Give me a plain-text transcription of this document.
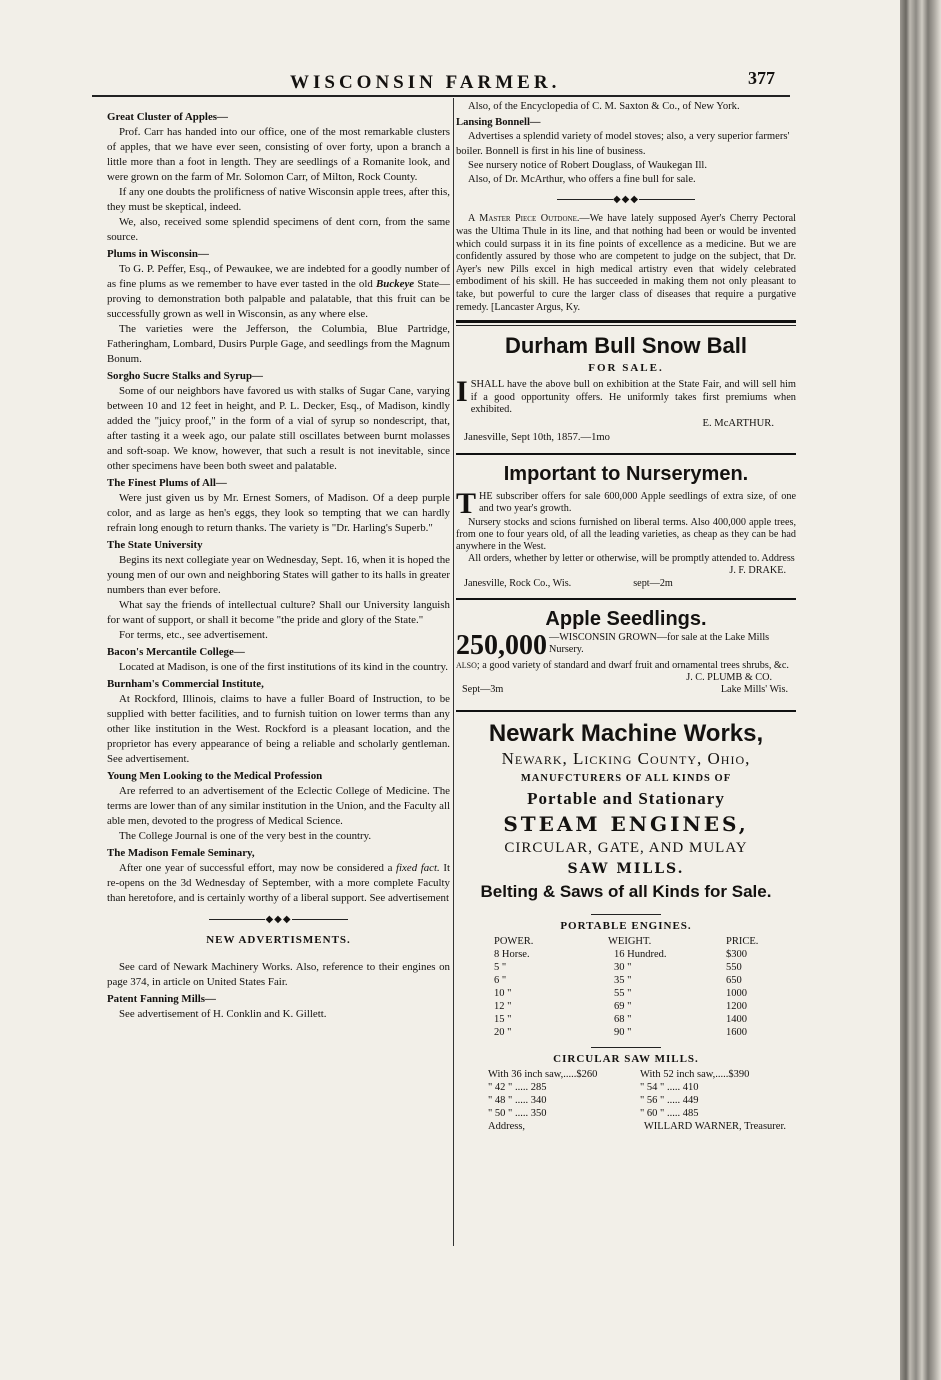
WISCONSIN FARMER.	377

Great Cluster of Apples—

Prof. Carr has handed into our office, one of the most remarkable clusters of apples, that we have ever seen, consisting of over forty, upon a branch a little more than a foot in length. They are seedlings of a Romanite look, and were grown on the farm of Mr. Solomon Carr, of Milton, Rock County.

If any one doubts the prolificness of native Wisconsin apple trees, after this, they must be skeptical, indeed.

We, also, received some splendid specimens of dent corn, from the same source.

Plums in Wisconsin—

To G. P. Peffer, Esq., of Pewaukee, we are indebted for a goodly number of as fine plums as we remember to have ever tasted in the old Buckeye State—proving to demonstration both palpable and palatable, that this fruit can be successfully grown as well in Wisconsin, as any where else.

The varieties were the Jefferson, the Columbia, Blue Partridge, Fatheringham, Lombard, Dusirs Purple Gage, and seedlings from the Magnum Bonum.

Sorgho Sucre Stalks and Syrup—

Some of our neighbors have favored us with stalks of Sugar Cane, varying between 10 and 12 feet in height, and P. L. Decker, Esq., of Madison, kindly added the "juicy proof," in the form of a vial of syrup so nondescript, that, after tasting it a week ago, our palate still oscillates between burnt molasses and soft-soap. We know, however, that such a result is not inevitable, since other specimens have been both sweet and palatable.

The Finest Plums of All—

Were just given us by Mr. Ernest Somers, of Madison. Of a deep purple color, and as large as hen's eggs, they look so tempting that we can hardly refrain long enough to return thanks. The variety is "Dr. Harling's Superb."

The State University

Begins its next collegiate year on Wednesday, Sept. 16, when it is hoped the young men of our own and neighboring States will gather to its halls in greater numbers than ever before.

What say the friends of intellectual culture? Shall our University languish for want of support, or shall it become "the pride and glory of the State."

For terms, etc., see advertisement.

Bacon's Mercantile College—

Located at Madison, is one of the first institutions of its kind in the country.

Burnham's Commercial Institute,

At Rockford, Illinois, claims to have a fuller Board of Instruction, to be supplied with better facilities, and to furnish tuition on lower terms than any other like institution in the West. Rockford is a pleasant location, and the proprietor has every appearance of being a reliable and scholarly gentleman. See advertisement.

Young Men Looking to the Medical Profession

Are referred to an advertisement of the Eclectic College of Medicine. The terms are lower than of any similar institution in the Union, and the Faculty all able men, devoted to the progress of Medical Science.

The College Journal is one of the very best in the country.

The Madison Female Seminary,

After one year of successful effort, may now be considered a fixed fact. It re-opens on the 3d Wednesday of September, with a more complete Faculty than heretofore, and is certainly worthy of a liberal support. See advertisement

◆◆◆
NEW ADVERTISMENTS.

See card of Newark Machinery Works. Also, reference to their engines on page 374, in article on United States Fair.

Patent Fanning Mills—

See advertisement of H. Conklin and K. Gillett.

Also, of the Encyclopedia of C. M. Saxton & Co., of New York.

Lansing Bonnell—

Advertises a splendid variety of model stoves; also, a very superior farmers' boiler. Bonnell is first in his line of business.

See nursery notice of Robert Douglass, of Waukegan Ill.

Also, of Dr. McArthur, who offers a fine bull for sale.

◆◆◆

A Master Piece Outdone.—We have lately supposed Ayer's Cherry Pectoral was the Ultima Thule in its line, and that nothing had been or would be invented which could surpass it in its fine points of excellence as a medicine. But we are confidently assured by those who are competent to judge on the subject, that Dr. Ayer's new Pills excel in high medical artistry even that widely celebrated embodiment of his skill. He has succeeded in making them not only pleasant to take, but powerful to cure the larger class of diseases that require a purgative remedy. [Lancaster Argus, Ky.

Durham Bull Snow Ball
FOR SALE.

ISHALL have the above bull on exhibition at the State Fair, and will sell him if a good opportunity offers. He uniformly takes first premiums when exhibited.

E. McARTHUR.

Janesville, Sept 10th, 1857.—1mo

Important to Nurserymen.

THE subscriber offers for sale 600,000 Apple seedlings of extra size, of one and two year's growth.

Nursery stocks and scions furnished on liberal terms. Also 400,000 apple trees, from one to four years old, of all the leading varieties, as cheap as they can be had anywhere in the West.

All orders, whether by letter or otherwise, will be promptly attended to. Address

J. F. DRAKE.

Janesville, Rock Co., Wis.	sept—2m

Apple Seedlings.
250,000 —WISCONSIN GROWN—for sale at the Lake Mills Nursery.

ALSO; a good variety of standard and dwarf fruit and ornamental trees shrubs, &c.

J. C. PLUMB & CO.

Sept—3m	Lake Mills' Wis.

Newark Machine Works,
Newark, Licking County, Ohio,
MANUFCTURERS OF ALL KINDS OF
Portable and Stationary
STEAM ENGINES,
CIRCULAR, GATE, AND MULAY
SAW MILLS.
Belting & Saws of all Kinds for Sale.
PORTABLE ENGINES.
POWER.	WEIGHT.	PRICE.
8 Horse.	16 Hundred.	$300
5 "	30 "	550
6 "	35 "	650
10 "	55 "	1000
12 "	69 "	1200
15 "	68 "	1400
20 "	90 "	1600
CIRCULAR SAW MILLS.
With 36 inch saw,.....$260	With 52 inch saw,.....$390
" 42 " ..... 285	" 54 " ..... 410
" 48 " ..... 340	" 56 " ..... 449
" 50 " ..... 350	" 60 " ..... 485

Address,	WILLARD WARNER, Treasurer.
